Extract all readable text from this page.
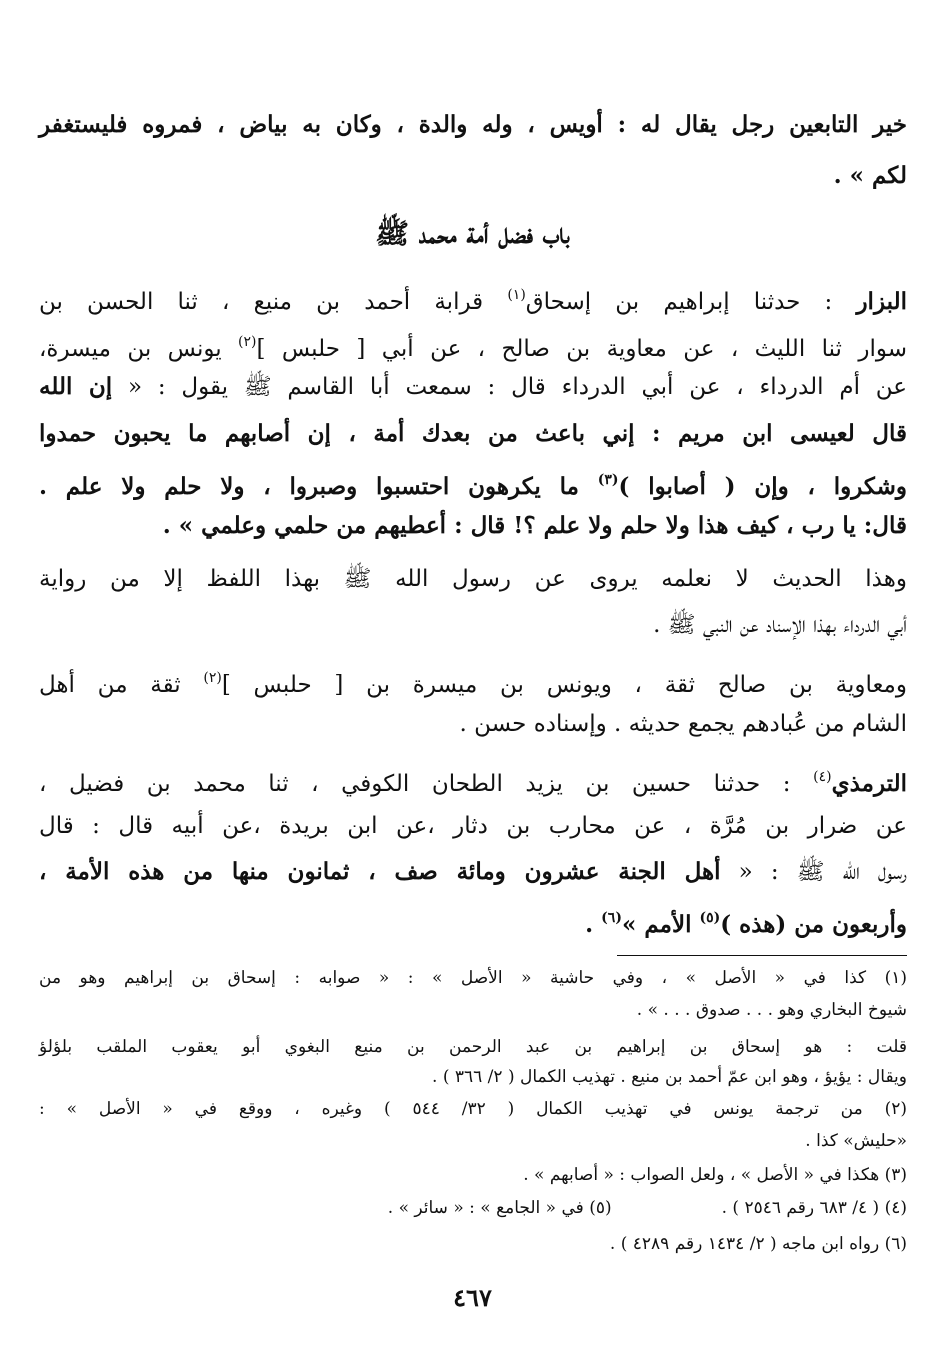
خير التابعين رجل يقال له : أويس ، وله والدة ، وكان به بياض ، فمروه فليستغفر
لكم » .
باب فضل أمة محمد ﷺ
البزار : حدثنا إبراهيم بن إسحاق$^{(١)}$ قرابة أحمد بن منيع ، ثنا الحسن بن
سوار ثنا الليث ، عن معاوية بن صالح ، عن أبي [ حلبس ]$^{(٢)}$ يونس بن ميسرة،
عن أم الدرداء ، عن أبي الدرداء قال : سمعت أبا القاسم ﷺ يقول : « إن الله
قال لعيسى ابن مريم : إني باعث من بعدك أمة ، إن أصابهم ما يحبون حمدوا
وشكروا ، وإن ( أصابوا )$^{(٣)}$ ما يكرهون احتسبوا وصبروا ، ولا حلم ولا علم .
قال: يا رب ، كيف هذا ولا حلم ولا علم ؟! قال : أعطيهم من حلمي وعلمي » .
وهذا الحديث لا نعلمه يروى عن رسول الله ﷺ بهذا اللفظ إلا من رواية
أبي الدرداء بهذا الإسناد عن النبي ﷺ .
ومعاوية بن صالح ثقة ، ويونس بن ميسرة بن [ حلبس ]$^{(٢)}$ ثقة من أهل
الشام من عُبادهم يجمع حديثه . وإسناده حسن .
الترمذي$^{(٤)}$ : حدثنا حسين بن يزيد الطحان الكوفي ، ثنا محمد بن فضيل ،
عن ضرار بن مُرَّة ، عن محارب بن دثار ،عن ابن بريدة ،عن أبيه قال : قال
رسول الله ﷺ : « أهل الجنة عشرون ومائة صف ، ثمانون منها من هذه الأمة ،
وأربعون من (هذه )$^{(٥)}$ الأمم »$^{(٦)}$ .
(١) كذا في « الأصل » ، وفي حاشية « الأصل » : « صوابه : إسحاق بن إبراهيم وهو من
شيوخ البخاري وهو . . . صدوق . . . » .
قلت : هو إسحاق بن إبراهيم بن عبد الرحمن بن منيع البغوي أبو يعقوب الملقب بلؤلؤ
ويقال : يؤيؤ ، وهو ابن عمّ أحمد بن منيع . تهذيب الكمال ( ٢/ ٣٦٦ ) .
(٢) من ترجمة يونس في تهذيب الكمال ( ٣٢/ ٥٤٤ ) وغيره ، ووقع في « الأصل » :
«حليش» كذا .
(٣) هكذا في « الأصل » ، ولعل الصواب : « أصابهم » .
(٤) ( ٤/ ٦٨٣ رقم ٢٥٤٦ ) .(٥) في « الجامع » : « سائر » .
(٦) رواه ابن ماجه ( ٢/ ١٤٣٤ رقم ٤٢٨٩ ) .
٤٦٧
